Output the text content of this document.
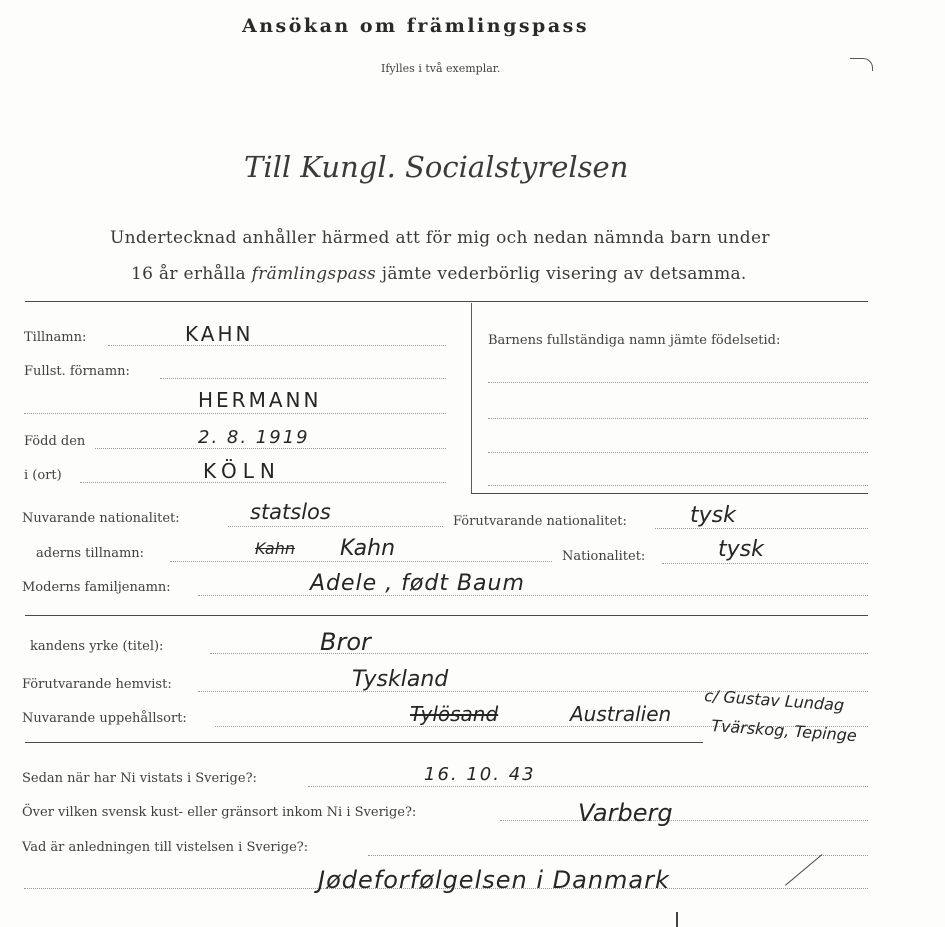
Ansökan om främlingspass
Ifylles i två exemplar.
Till Kungl. Socialstyrelsen
Undertecknad anhåller härmed att för mig och nedan nämnda barn under
16 år erhålla främlingspass jämte vederbörlig visering av detsamma.
Tillnamn:	KAHN
Fullst. förnamn:
HERMANN
Född den	2. 8. 1919
i (ort)	KÖLN
Barnens fullständiga namn jämte födelsetid:
Nuvarande nationalitet:	statslos	Förutvarande nationalitet:	tysk
aderns tillnamn:	Kahn Kahn	Nationalitet:	tysk
Moderns familjenamn:	Adele , født Baum
kandens yrke (titel):	Bror
Förutvarande hemvist:	Tyskland
Nuvarande uppehållsort:	Tylösand	Australien c/ Gustav Lundag
Tvärskog, Tepinge
Sedan när har Ni vistats i Sverige?:	16. 10. 43
Över vilken svensk kust- eller gränsort inkom Ni i Sverige?:	Varberg
Vad är anledningen till vistelsen i Sverige?:
Jødeforfølgelsen i Danmark
